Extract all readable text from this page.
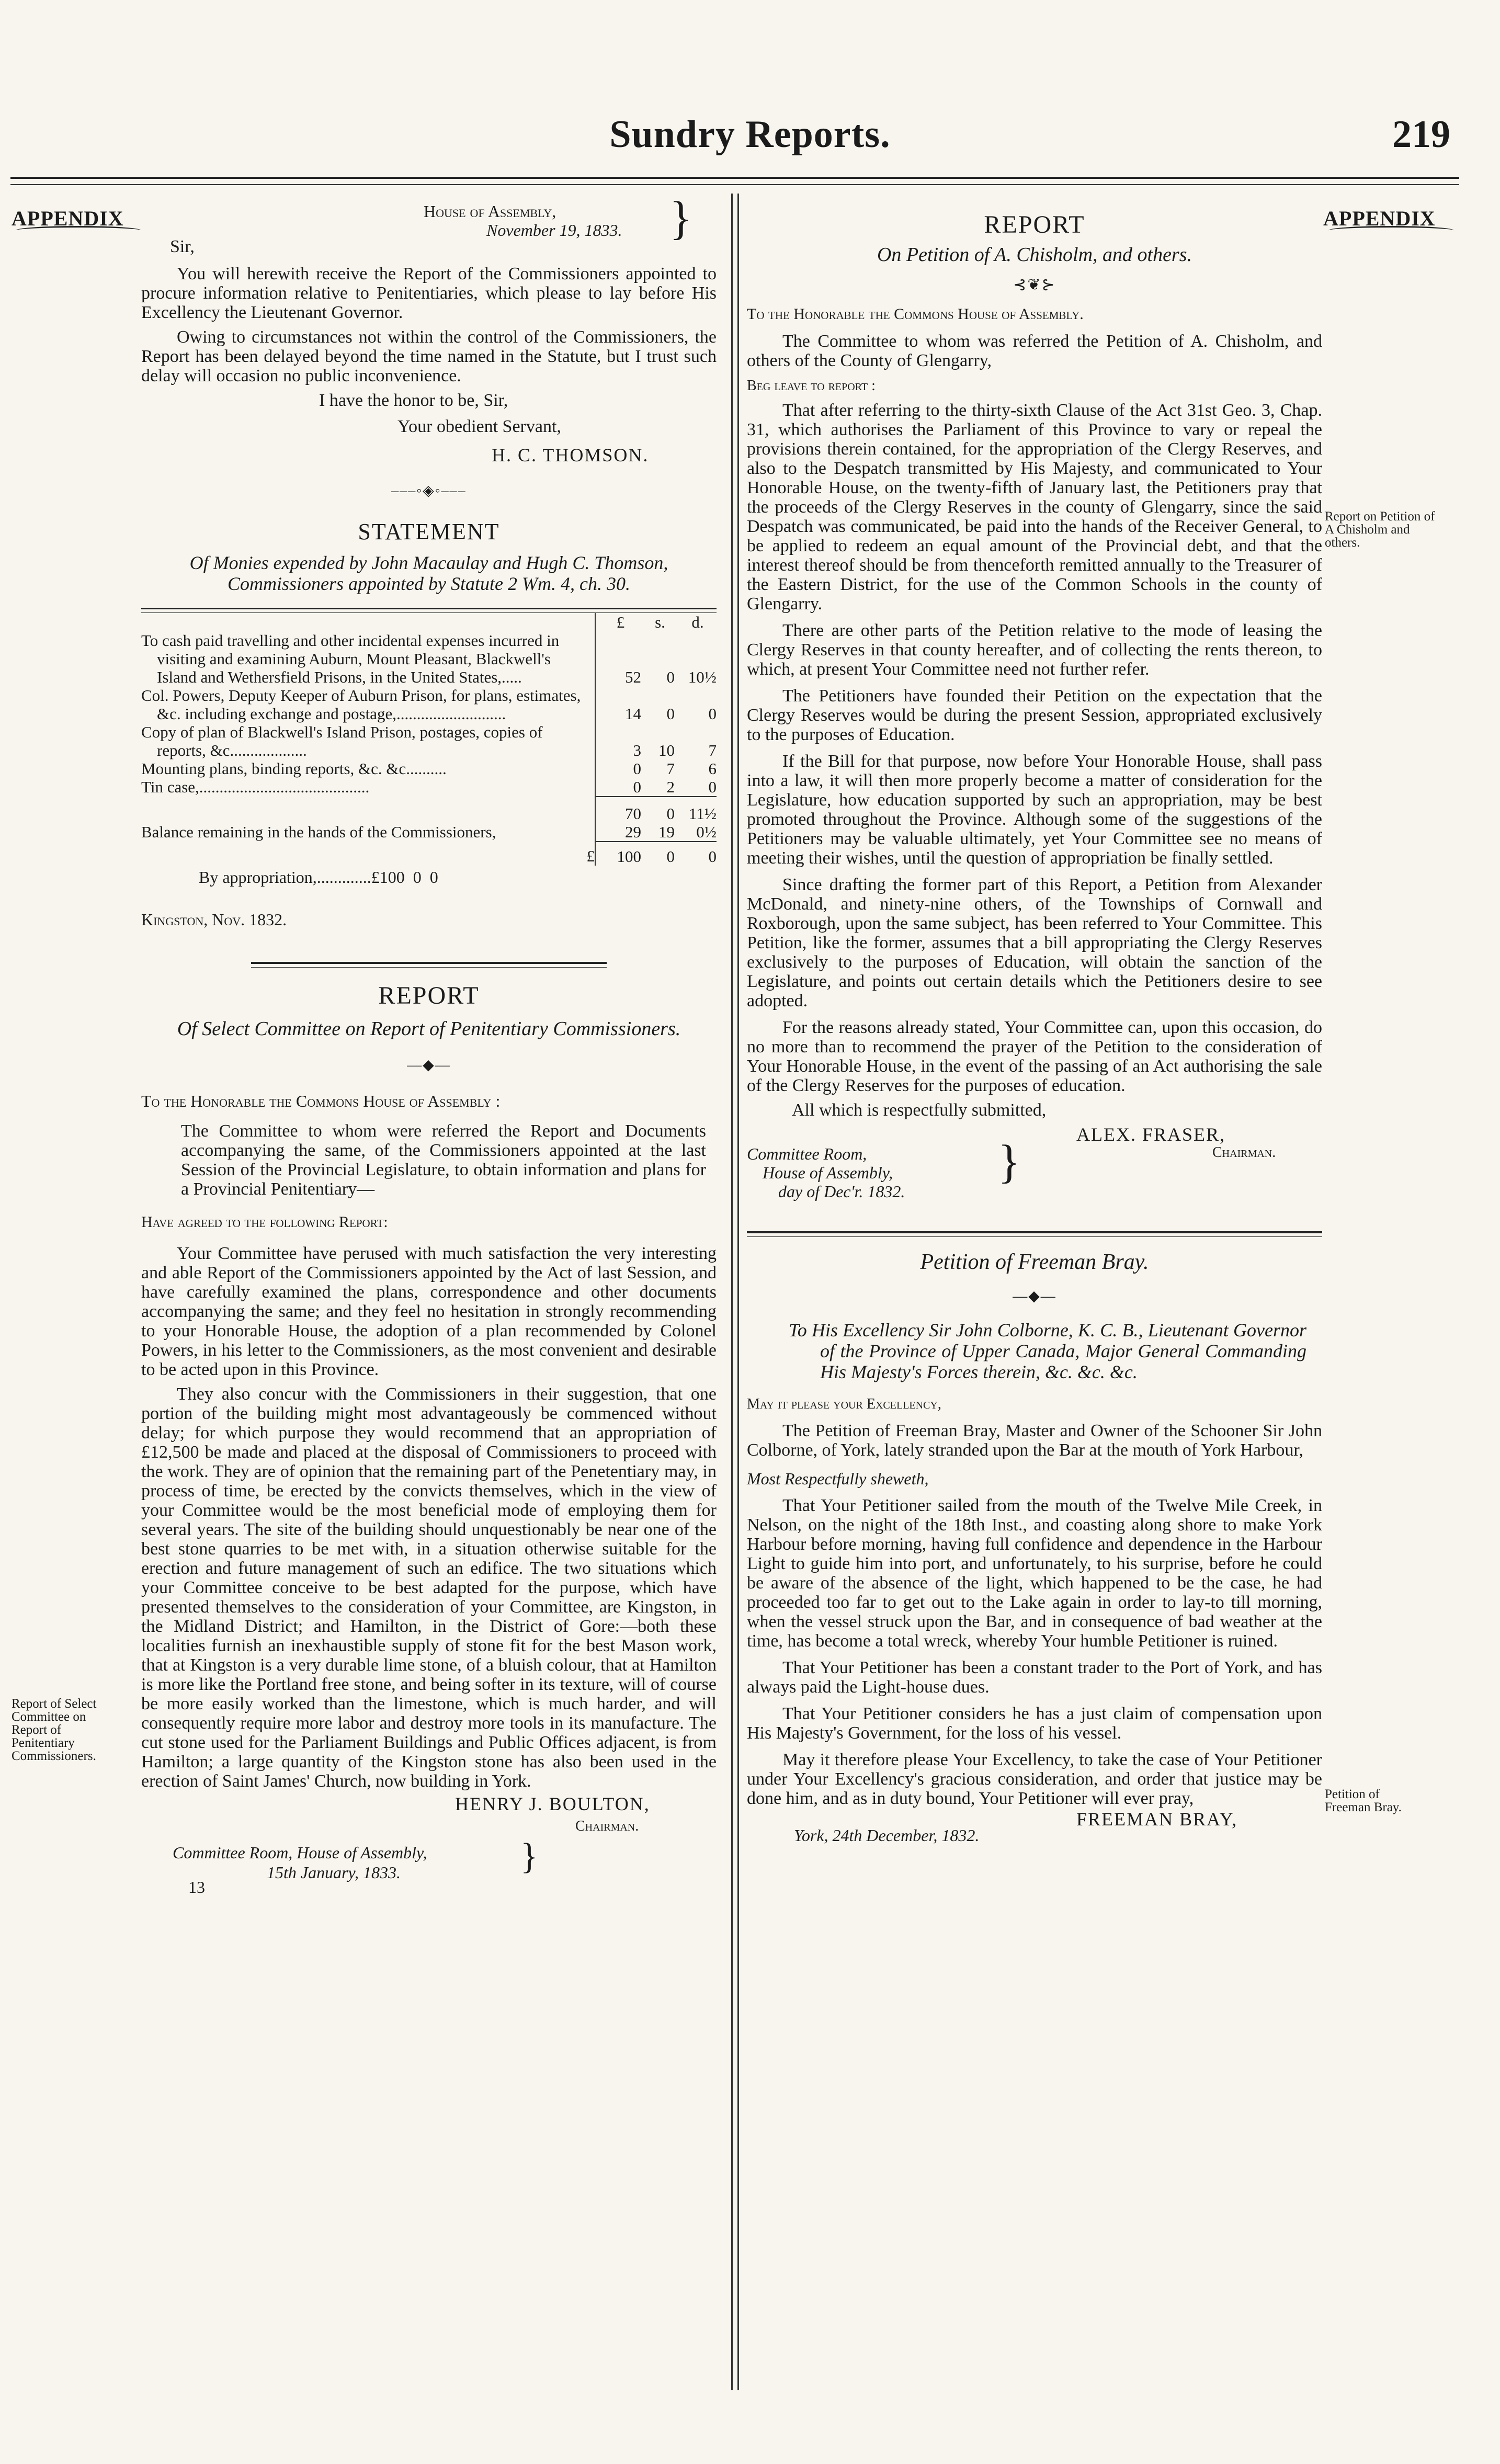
Sundry Reports.	219
APPENDIX
Report of Select Committee on Report of Penitentiary Commissioners.
House of Assembly,
November 19, 1833. }
Sir,

You will herewith receive the Report of the Commissioners appointed to procure information relative to Penitentiaries, which please to lay before His Excellency the Lieutenant Governor.

Owing to circumstances not within the control of the Commissioners, the Report has been delayed beyond the time named in the Statute, but I trust such delay will occasion no public inconvenience.

I have the honor to be, Sir,
Your obedient Servant,
H. C. THOMSON.
–––◦◈◦–––
STATEMENT
Of Monies expended by John Macaulay and Hugh C. Thomson, Commissioners appointed by Statute 2 Wm. 4, ch. 30.
	£	s.	d.
To cash paid travelling and other incidental expenses incurred in visiting and examining Auburn, Mount Pleasant, Blackwell's Island and Wethersfield Prisons, in the United States,.....	52	0	10½
Col. Powers, Deputy Keeper of Auburn Prison, for plans, estimates, &c. including exchange and postage,...........................	14	0	0
Copy of plan of Blackwell's Island Prison, postages, copies of reports, &c...................	3	10	7
Mounting plans, binding reports, &c. &c..........	0	7	6
Tin case,..........................................	0	2	0
	70	0	11½
Balance remaining in the hands of the Commissioners,	29	19	0½
£	100	0	0
By appropriation,.............£100  0  0
Kingston, Nov. 1832.
REPORT
Of Select Committee on Report of Penitentiary Commissioners.
—◆—
To the Honorable the Commons House of Assembly :

The Committee to whom were referred the Report and Documents accompanying the same, of the Commissioners appointed at the last Session of the Provincial Legislature, to obtain information and plans for a Provincial Penitentiary—

Have agreed to the following Report:

Your Committee have perused with much satisfaction the very interesting and able Report of the Commissioners appointed by the Act of last Session, and have carefully examined the plans, correspondence and other documents accompanying the same; and they feel no hesitation in strongly recommending to your Honorable House, the adoption of a plan recommended by Colonel Powers, in his letter to the Commissioners, as the most convenient and desirable to be acted upon in this Province.

They also concur with the Commissioners in their suggestion, that one portion of the building might most advantageously be commenced without delay; for which purpose they would recommend that an appropriation of £12,500 be made and placed at the disposal of Commissioners to proceed with the work. They are of opinion that the remaining part of the Penetentiary may, in process of time, be erected by the convicts themselves, which in the view of your Committee would be the most beneficial mode of employing them for several years. The site of the building should unquestionably be near one of the best stone quarries to be met with, in a situation otherwise suitable for the erection and future management of such an edifice. The two situations which your Committee conceive to be best adapted for the purpose, which have presented themselves to the consideration of your Committee, are Kingston, in the Midland District; and Hamilton, in the District of Gore:—both these localities furnish an inexhaustible supply of stone fit for the best Mason work, that at Kingston is a very durable lime stone, of a bluish colour, that at Hamilton is more like the Portland free stone, and being softer in its texture, will of course be more easily worked than the limestone, which is much harder, and will consequently require more labor and destroy more tools in its manufacture. The cut stone used for the Parliament Buildings and Public Offices adjacent, is from Hamilton; a large quantity of the Kingston stone has also been used in the erection of Saint James' Church, now building in York.

HENRY J. BOULTON,
Chairman.
Committee Room, House of Assembly,
15th January, 1833.	}
13
APPENDIX
Report on Petition of A Chisholm and others.
Petition of Freeman Bray.
REPORT
On Petition of A. Chisholm, and others.
⊰❦⊱
To the Honorable the Commons House of Assembly.

The Committee to whom was referred the Petition of A. Chisholm, and others of the County of Glengarry,

Beg leave to report :

That after referring to the thirty-sixth Clause of the Act 31st Geo. 3, Chap. 31, which authorises the Parliament of this Province to vary or repeal the provisions therein contained, for the appropriation of the Clergy Reserves, and also to the Despatch transmitted by His Majesty, and communicated to Your Honorable House, on the twenty-fifth of January last, the Petitioners pray that the proceeds of the Clergy Reserves in the county of Glengarry, since the said Despatch was communicated, be paid into the hands of the Receiver General, to be applied to redeem an equal amount of the Provincial debt, and that the interest thereof should be from thenceforth remitted annually to the Treasurer of the Eastern District, for the use of the Common Schools in the county of Glengarry.

There are other parts of the Petition relative to the mode of leasing the Clergy Reserves in that county hereafter, and of collecting the rents thereon, to which, at present Your Committee need not further refer.

The Petitioners have founded their Petition on the expectation that the Clergy Reserves would be during the present Session, appropriated exclusively to the purposes of Education.

If the Bill for that purpose, now before Your Honorable House, shall pass into a law, it will then more properly become a matter of consideration for the Legislature, how education supported by such an appropriation, may be best promoted throughout the Province. Although some of the suggestions of the Petitioners may be valuable ultimately, yet Your Committee see no means of meeting their wishes, until the question of appropriation be finally settled.

Since drafting the former part of this Report, a Petition from Alexander McDonald, and ninety-nine others, of the Townships of Cornwall and Roxborough, upon the same subject, has been referred to Your Committee. This Petition, like the former, assumes that a bill appropriating the Clergy Reserves exclusively to the purposes of Education, will obtain the sanction of the Legislature, and points out certain details which the Petitioners desire to see adopted.

For the reasons already stated, Your Committee can, upon this occasion, do no more than to recommend the prayer of the Petition to the consideration of Your Honorable House, in the event of the passing of an Act authorising the sale of the Clergy Reserves for the purposes of education.

All which is respectfully submitted,
ALEX. FRASER,
Chairman.
Committee Room,
House of Assembly,
day of Dec'r. 1832.
}
Petition of Freeman Bray.
—◆—
To His Excellency Sir John Colborne, K. C. B., Lieutenant Governor of the Province of Upper Canada, Major General Commanding His Majesty's Forces therein, &c. &c. &c.
May it please your Excellency,

The Petition of Freeman Bray, Master and Owner of the Schooner Sir John Colborne, of York, lately stranded upon the Bar at the mouth of York Harbour,

Most Respectfully sheweth,

That Your Petitioner sailed from the mouth of the Twelve Mile Creek, in Nelson, on the night of the 18th Inst., and coasting along shore to make York Harbour before morning, having full confidence and dependence in the Harbour Light to guide him into port, and unfortunately, to his surprise, before he could be aware of the absence of the light, which happened to be the case, he had proceeded too far to get out to the Lake again in order to lay-to till morning, when the vessel struck upon the Bar, and in consequence of bad weather at the time, has become a total wreck, whereby Your humble Petitioner is ruined.

That Your Petitioner has been a constant trader to the Port of York, and has always paid the Light-house dues.

That Your Petitioner considers he has a just claim of compensation upon His Majesty's Government, for the loss of his vessel.

May it therefore please Your Excellency, to take the case of Your Petitioner under Your Excellency's gracious consideration, and order that justice may be done him, and as in duty bound, Your Petitioner will ever pray,

FREEMAN BRAY,
York, 24th December, 1832.
